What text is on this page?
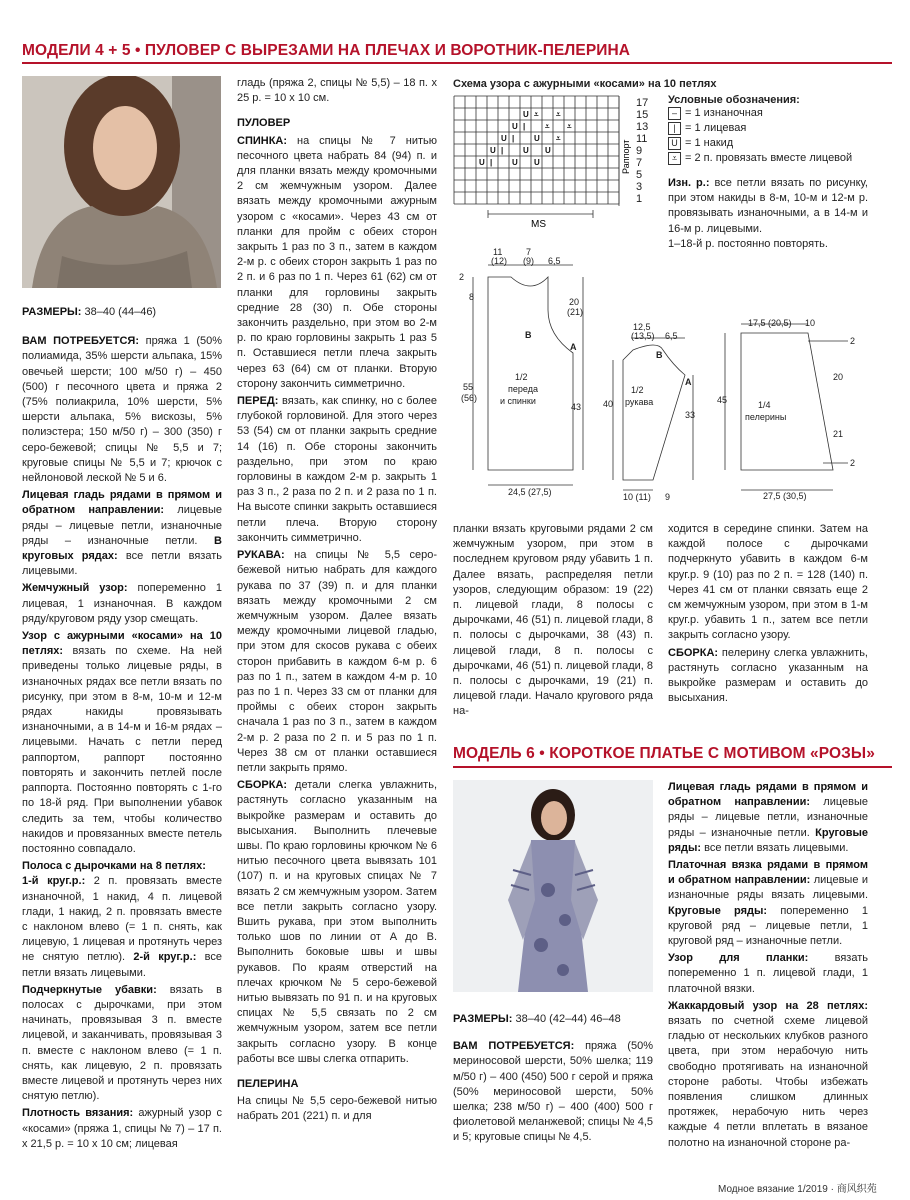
МОДЕЛИ 4 + 5 • ПУЛОВЕР С ВЫРЕЗАМИ НА ПЛЕЧАХ И ВОРОТНИК-ПЕЛЕРИНА

РАЗМЕРЫ: 38–40 (44–46)

ВАМ ПОТРЕБУЕТСЯ: пряжа 1 (50% полиамида, 35% шерсти альпака, 15% овечьей шерсти; 100 м/50 г) – 450 (500) г песочного цвета и пряжа 2 (75% полиакрила, 10% шерсти, 5% шерсти альпака, 5% вискозы, 5% полиэстера; 150 м/50 г) – 300 (350) г серо-бежевой; спицы № 5,5 и 7; круговые спицы № 5,5 и 7; крючок с нейлоновой леской № 5 и 6.

Лицевая гладь рядами в прямом и обратном направлении: лицевые ряды – лицевые петли, изнаночные ряды – изнаночные петли. В круговых рядах: все петли вязать лицевыми.

Жемчужный узор: попеременно 1 лицевая, 1 изнаночная. В каждом ряду/круговом ряду узор смещать.

Узор с ажурными «косами» на 10 петлях: вязать по схеме. На ней приведены только лицевые ряды, в изнаночных рядах все петли вязать по рисунку, при этом в 8-м, 10-м и 12-м рядах накиды провязывать изнаночными, а в 14-м и 16-м рядах – лицевыми. Начать с петли перед раппортом, раппорт постоянно повторять и закончить петлей после раппорта. Постоянно повторять с 1-го по 18-й ряд. При выполнении убавок следить за тем, чтобы количество накидов и провязанных вместе петель постоянно совпадало.

Полоса с дырочками на 8 петлях:
1-й круг.р.: 2 п. провязать вместе изнаночной, 1 накид, 4 п. лицевой глади, 1 накид, 2 п. провязать вместе с наклоном влево (= 1 п. снять, как лицевую, 1 лицевая и протянуть через не снятую петлю). 2-й круг.р.: все петли вязать лицевыми.

Подчеркнутые убавки: вязать в полосах с дырочками, при этом начинать, провязывая 3 п. вместе лицевой, и заканчивать, провязывая 3 п. вместе с наклоном влево (= 1 п. снять, как лицевую, 2 п. провязать вместе лицевой и протянуть через них снятую петлю).

Плотность вязания: ажурный узор с «косами» (пряжа 1, спицы № 7) – 17 п. x 21,5 р. = 10 x 10 см; лицевая

гладь (пряжа 2, спицы № 5,5) – 18 п. x 25 р. = 10 x 10 см.

ПУЛОВЕР

СПИНКА: на спицы № 7 нитью песочного цвета набрать 84 (94) п. и для планки вязать между кромочными 2 см жемчужным узором. Далее вязать между кромочными ажурным узором с «косами». Через 43 см от планки для пройм с обеих сторон закрыть 1 раз по 3 п., затем в каждом 2-м р. с обеих сторон закрыть 1 раз по 2 п. и 6 раз по 1 п. Через 61 (62) см от планки для горловины закрыть средние 28 (30) п. Обе стороны закончить раздельно, при этом во 2-м р. по краю горловины закрыть 1 раз 5 п. Оставшиеся петли плеча закрыть через 63 (64) см от планки. Вторую сторону закончить симметрично.

ПЕРЕД: вязать, как спинку, но с более глубокой горловиной. Для этого через 53 (54) см от планки закрыть средние 14 (16) п. Обе стороны закончить раздельно, при этом по краю горловины в каждом 2-м р. закрыть 1 раз 3 п., 2 раза по 2 п. и 2 раза по 1 п. На высоте спинки закрыть оставшиеся петли плеча. Вторую сторону закончить симметрично.

РУКАВА: на спицы № 5,5 серо-бежевой нитью набрать для каждого рукава по 37 (39) п. и для планки вязать между кромочными 2 см жемчужным узором. Далее вязать между кромочными лицевой гладью, при этом для скосов рукава с обеих сторон прибавить в каждом 6-м р. 6 раз по 1 п., затем в каждом 4-м р. 10 раз по 1 п. Через 33 см от планки для проймы с обеих сторон закрыть сначала 1 раз по 3 п., затем в каждом 2-м р. 2 раза по 2 п. и 5 раз по 1 п. Через 38 см от планки оставшиеся петли закрыть прямо.

СБОРКА: детали слегка увлажнить, растянуть согласно указанным на выкройке размерам и оставить до высыхания. Выполнить плечевые швы. По краю горловины крючком № 6 нитью песочного цвета вывязать 101 (107) п. и на круговых спицах № 7 вязать 2 см жемчужным узором. Затем все петли закрыть согласно узору. Вшить рукава, при этом выполнить только шов по линии от A до B. Выполнить боковые швы и швы рукавов. По краям отверстий на плечах крючком № 5 серо-бежевой нитью вывязать по 91 п. и на круговых спицах № 5,5 связать по 2 см жемчужным узором, затем все петли закрыть согласно узору. В конце работы все швы слегка отпарить.

ПЕЛЕРИНА

На спицы № 5,5 серо-бежевой нитью набрать 201 (221) п. и для

Схема узора с ажурными «косами» на 10 петлях
U ⩡ ⩡
U | ⩡ ⩡
U | U ⩡
U | U U
U | U U	Раппорт
17
15
13
11
9
7
5
3
1
MS
Условные обозначения:
– = 1 изнаночная
| = 1 лицевая
U = 1 накид
⩡ = 2 п. провязать вместе лицевой
Изн. р.: все петли вязать по рисунку, при этом накиды в 8-м, 10-м и 12-м р. провязывать изнаночными, а в 14-м и 16-м р. лицевыми.
1–18-й р. постоянно повторять.
11
(12)
7
(9) 6,5
2
8
55
(56)
20
(21)
43
1/2
переда
и спинки
24,5 (27,5)
B
A
12,5
(13,5) 6,5
40
33
1/2
рукава
10 (11) 9
B
A
17,5 (20,5) 10
2
20
21
2
45	1/4
пелерины
27,5 (30,5)

планки вязать круговыми рядами 2 см жемчужным узором, при этом в последнем круговом ряду убавить 1 п. Далее вязать, распределяя петли узоров, следующим образом: 19 (22) п. лицевой глади, 8 полосы с дырочками, 46 (51) п. лицевой глади, 8 п. полосы с дырочками, 38 (43) п. лицевой глади, 8 п. полосы с дырочками, 46 (51) п. лицевой глади, 8 п. полосы с дырочками, 19 (21) п. лицевой глади. Начало кругового ряда на-

ходится в середине спинки. Затем на каждой полосе с дырочками подчеркнуто убавить в каждом 6-м круг.р. 9 (10) раз по 2 п. = 128 (140) п. Через 41 см от планки связать еще 2 см жемчужным узором, при этом в 1-м круг.р. убавить 1 п., затем все петли закрыть согласно узору.

СБОРКА: пелерину слегка увлажнить, растянуть согласно указанным на выкройке размерам и оставить до высыхания.

МОДЕЛЬ 6 • КОРОТКОЕ ПЛАТЬЕ С МОТИВОМ «РОЗЫ»

РАЗМЕРЫ: 38–40 (42–44) 46–48

ВАМ ПОТРЕБУЕТСЯ: пряжа (50% мериносовой шерсти, 50% шелка; 119 м/50 г) – 400 (450) 500 г серой и пряжа (50% мериносовой шерсти, 50% шелка; 238 м/50 г) – 400 (400) 500 г фиолетовой меланжевой; спицы № 4,5 и 5; круговые спицы № 4,5.

Лицевая гладь рядами в прямом и обратном направлении: лицевые ряды – лицевые петли, изнаночные ряды – изнаночные петли. Круговые ряды: все петли вязать лицевыми.

Платочная вязка рядами в прямом и обратном направлении: лицевые и изнаночные ряды вязать лицевыми. Круговые ряды: попеременно 1 круговой ряд – лицевые петли, 1 круговой ряд – изнаночные петли.

Узор для планки: вязать попеременно 1 п. лицевой глади, 1 платочной вязки.

Жаккардовый узор на 28 петлях: вязать по счетной схеме лицевой гладью от нескольких клубков разного цвета, при этом нерабочую нить свободно протягивать на изнаночной стороне работы. Чтобы избежать появления слишком длинных протяжек, нерабочую нить через каждые 4 петли вплетать в вязаное полотно на изнаночной стороне ра-

Модное вязание 1/2019 · 商风织苑
